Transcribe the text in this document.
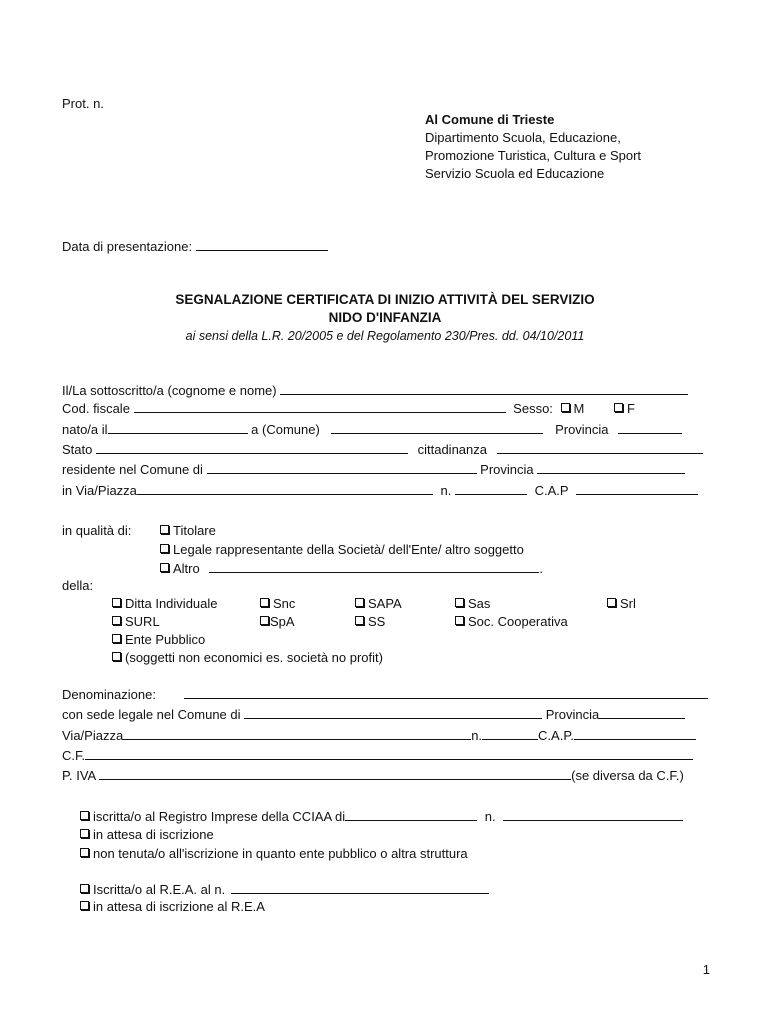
Prot. n.
Al Comune di Trieste
Dipartimento Scuola, Educazione,
Promozione Turistica, Cultura e Sport
Servizio Scuola ed Educazione
Data di presentazione:
SEGNALAZIONE CERTIFICATA DI INIZIO ATTIVITÀ DEL SERVIZIO
NIDO D'INFANZIA
ai sensi della L.R. 20/2005 e del Regolamento 230/Pres. dd. 04/10/2011
Il/La sottoscritto/a (cognome e nome)
Cod. fiscale	Sesso: M	F
nato/a il	a (Comune)	Provincia
Stato	cittadinanza
residente nel Comune di	Provincia
in Via/Piazza	n.	C.A.P
in qualità di:	Titolare
Legale rappresentante della Società/ dell'Ente/ altro soggetto
Altro	.
della:
Ditta Individuale	Snc	SAPA	Sas	Srl
SURL	SpA	SS	Soc. Cooperativa
Ente Pubblico
(soggetti non economici es. società no profit)
Denominazione:
con sede legale nel Comune di	Provincia
Via/Piazza	n.	C.A.P.
C.F.
P. IVA	(se diversa da C.F.)
iscritta/o al Registro Imprese della CCIAA di	n.
in attesa di iscrizione
non tenuta/o all'iscrizione in quanto ente pubblico o altra struttura
Iscritta/o al R.E.A. al n.
in attesa di iscrizione al R.E.A
1
